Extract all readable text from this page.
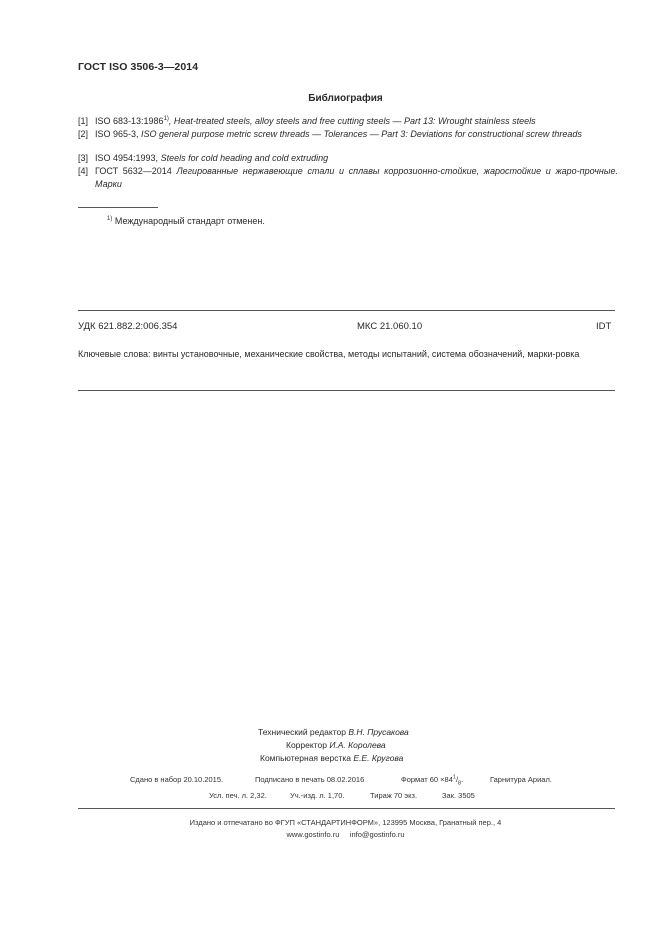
ГОСТ ISO 3506-3—2014
Библиография
[1] ISO 683-13:1986$^{1)}$, Heat-treated steels, alloy steels and free cutting steels — Part 13: Wrought stainless steels
[2] ISO 965-3, ISO general purpose metric screw threads — Tolerances — Part 3: Deviations for constructional screw threads
[3] ISO 4954:1993, Steels for cold heading and cold extruding
[4] ГОСТ 5632—2014 Легированные нержавеющие стали и сплавы коррозионно-стойкие, жаростойкие и жаро-прочные. Марки
$^{1)}$ Международный стандарт отменен.
УДК 621.882.2:006.354	МКС 21.060.10	IDT
Ключевые слова: винты установочные, механические свойства, методы испытаний, система обозначений, марки-ровка
Технический редактор В.Н. Прусакова
Корректор И.А. Королева
Компьютерная верстка Е.Е. Кругова
Сдано в набор 20.10.2015.	Подписано в печать 08.02.2016	Формат $60 \times 84^1/_8$.	Гарнитура Ариал.
Усл. печ. л. 2,32.	Уч.-изд. л. 1,70.	Тираж 70 экз.	Зак. 3505
Издано и отпечатано во ФГУП «СТАНДАРТИНФОРМ», 123995 Москва, Гранатный пер., 4
www.gostinfo.ru info@gostinfo.ru
